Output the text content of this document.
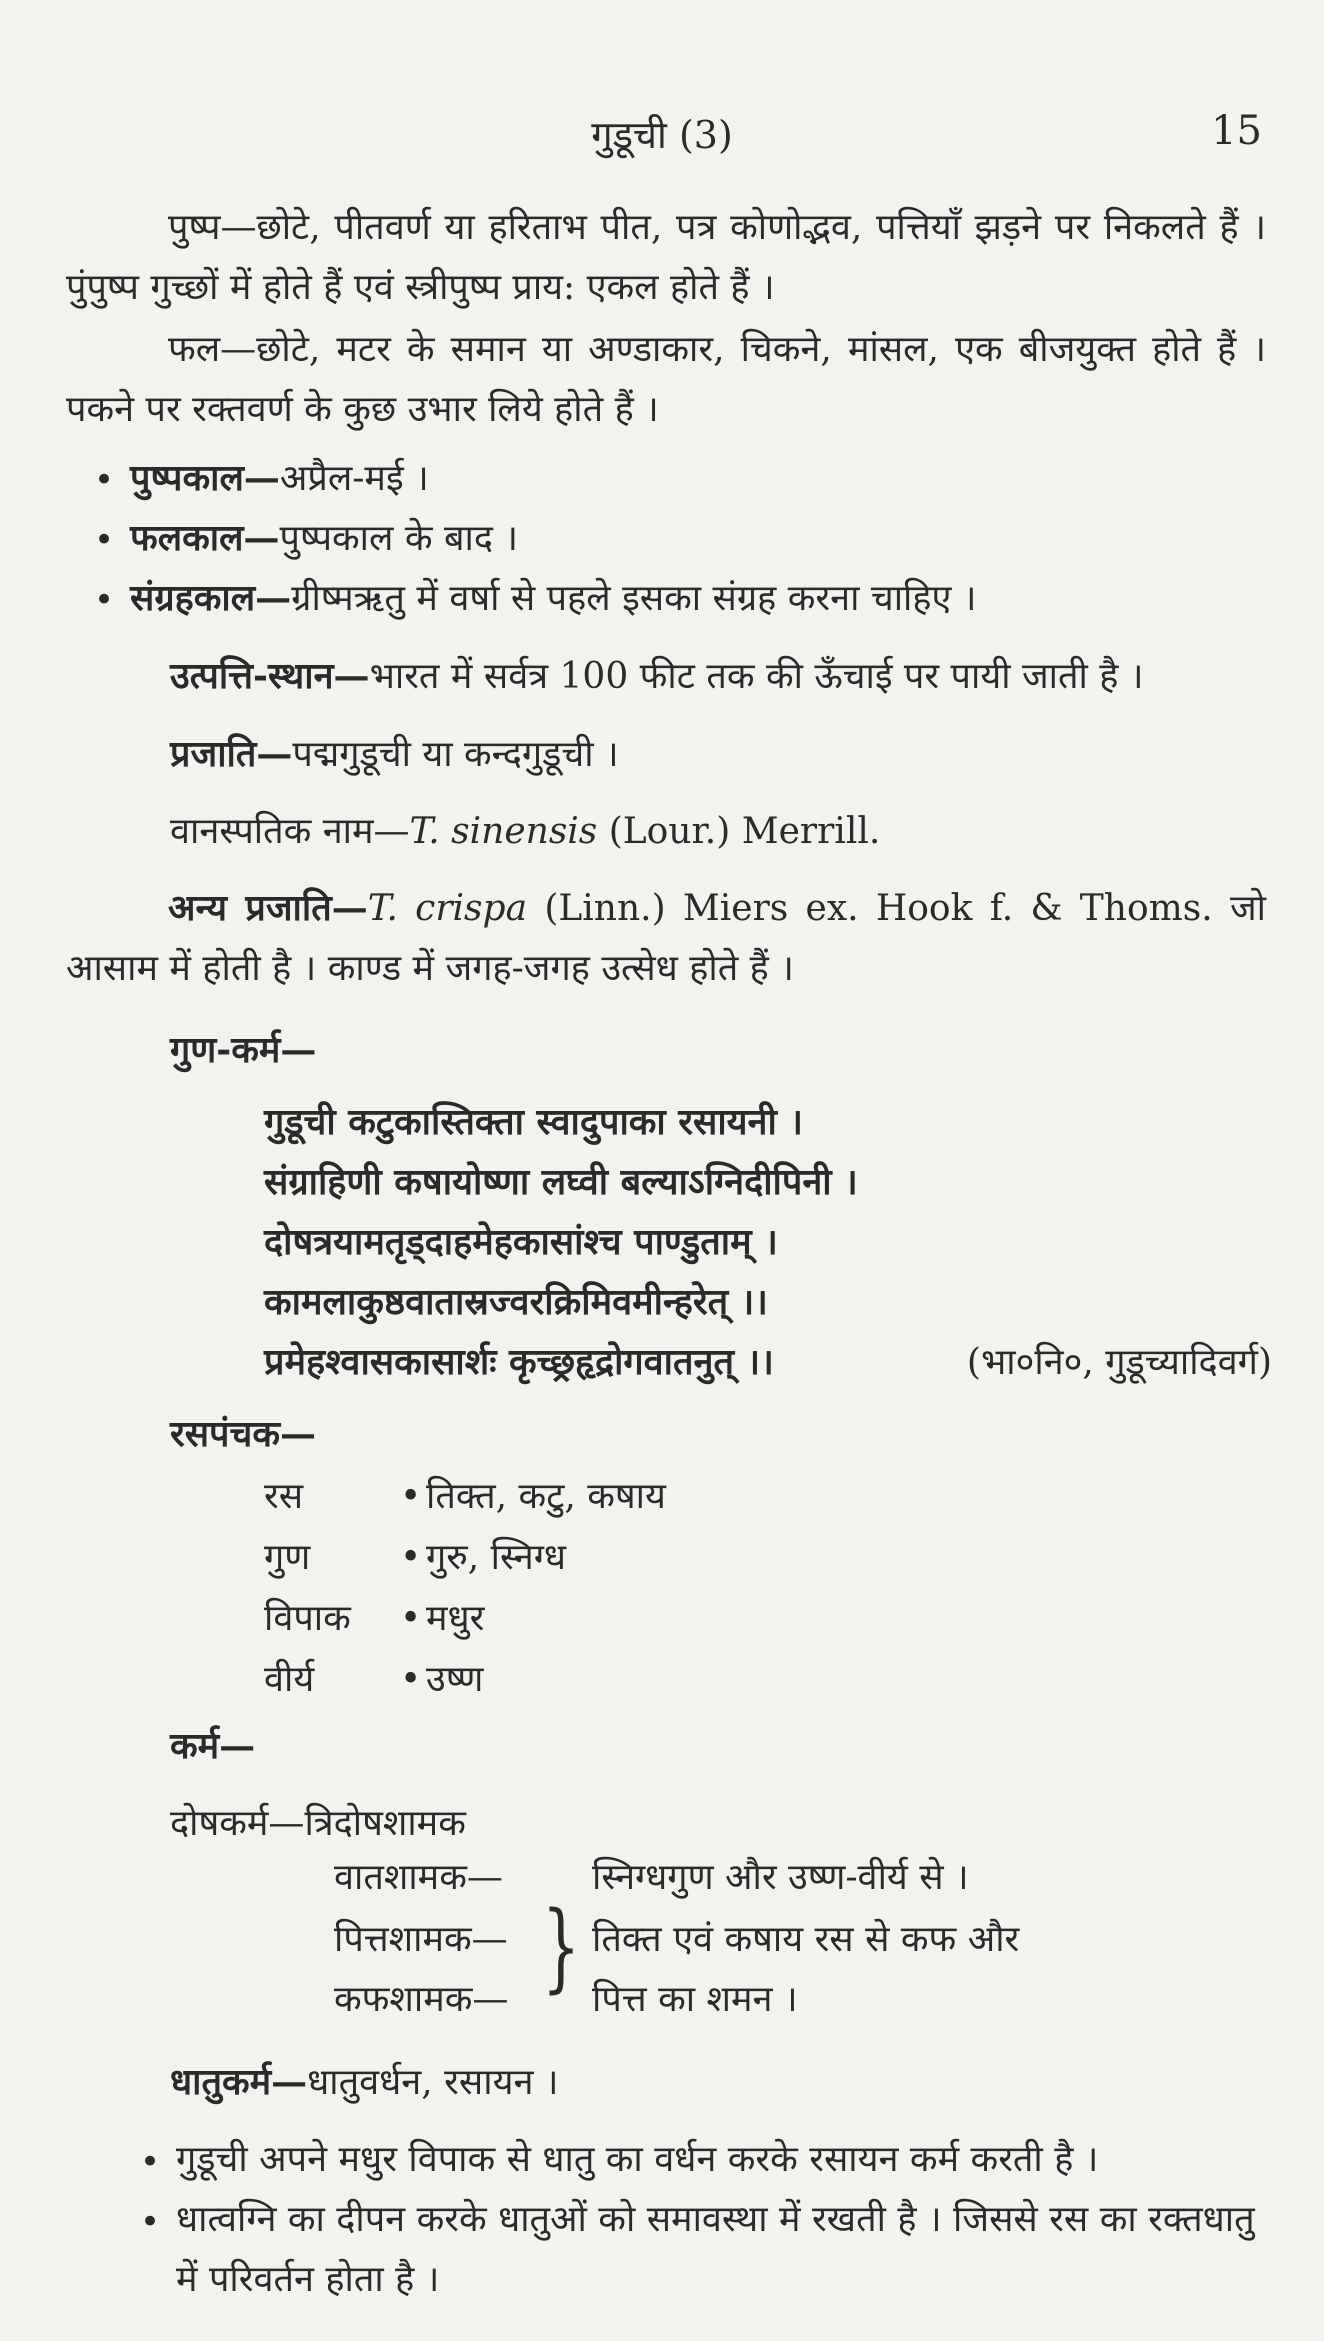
गुडूची (3)	15

पुष्प—छोटे, पीतवर्ण या हरिताभ पीत, पत्र कोणोद्भव, पत्तियाँ झड़ने पर निकलते हैं । पुंपुष्प गुच्छों में होते हैं एवं स्त्रीपुष्प प्राय: एकल होते हैं ।

फल—छोटे, मटर के समान या अण्डाकार, चिकने, मांसल, एक बीजयुक्त होते हैं । पकने पर रक्तवर्ण के कुछ उभार लिये होते हैं ।

• पुष्पकाल—अप्रैल-मई ।
• फलकाल—पुष्पकाल के बाद ।
• संग्रहकाल—ग्रीष्मऋतु में वर्षा से पहले इसका संग्रह करना चाहिए ।

उत्पत्ति-स्थान—भारत में सर्वत्र 100 फीट तक की ऊँचाई पर पायी जाती है ।

प्रजाति—पद्मगुडूची या कन्दगुडूची ।

वानस्पतिक नाम—T. sinensis (Lour.) Merrill.

अन्य प्रजाति—T. crispa (Linn.) Miers ex. Hook f. & Thoms. जो आसाम में होती है । काण्ड में जगह-जगह उत्सेध होते हैं ।

गुण-कर्म—

गुडूची कटुकास्तिक्ता स्वादुपाका रसायनी ।
संग्राहिणी कषायोष्णा लघ्वी बल्याऽग्निदीपिनी ।
दोषत्रयामतृड्दाहमेहकासांश्च पाण्डुताम् ।
कामलाकुष्ठवातास्रज्वरक्रिमिवमीन्हरेत् ।।
प्रमेहश्वासकासार्शः कृच्छ्रहृद्रोगवातनुत् ।।	(भा०नि०, गुडूच्यादिवर्ग)

रसपंचक—

रस	• तिक्त, कटु, कषाय
गुण • गुरु, स्निग्ध
विपाक • मधुर
वीर्य • उष्ण

कर्म—

दोषकर्म—त्रिदोषशामक

वातशामक— स्निग्धगुण और उष्ण-वीर्य से ।
पित्तशामक— तिक्त एवं कषाय रस से कफ और
कफशामक— पित्त का शमन ।
}

धातुकर्म—धातुवर्धन, रसायन ।

• गुडूची अपने मधुर विपाक से धातु का वर्धन करके रसायन कर्म करती है ।
• धात्वग्नि का दीपन करके धातुओं को समावस्था में रखती है । जिससे रस का रक्तधातु में परिवर्तन होता है ।
